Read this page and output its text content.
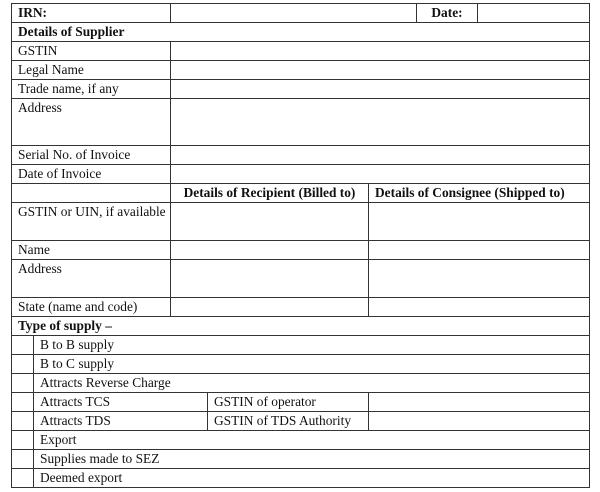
IRN:					Date:	
Details of Supplier						
GSTIN						
Legal Name						
Trade name, if any						
Address						
Serial No. of Invoice						
Date of Invoice						
		Details of Recipient (Billed to)		Details of Consignee (Shipped to)		
GSTIN or UIN, if available						
Name						
Address						
State (name and code)						
Type of supply –						
	B to B supply					
	B to C supply					
	Attracts Reverse Charge					
	Attracts TCS		GSTIN of operator			
	Attracts TDS		GSTIN of TDS Authority			
	Export					
	Supplies made to SEZ					
	Deemed export					
